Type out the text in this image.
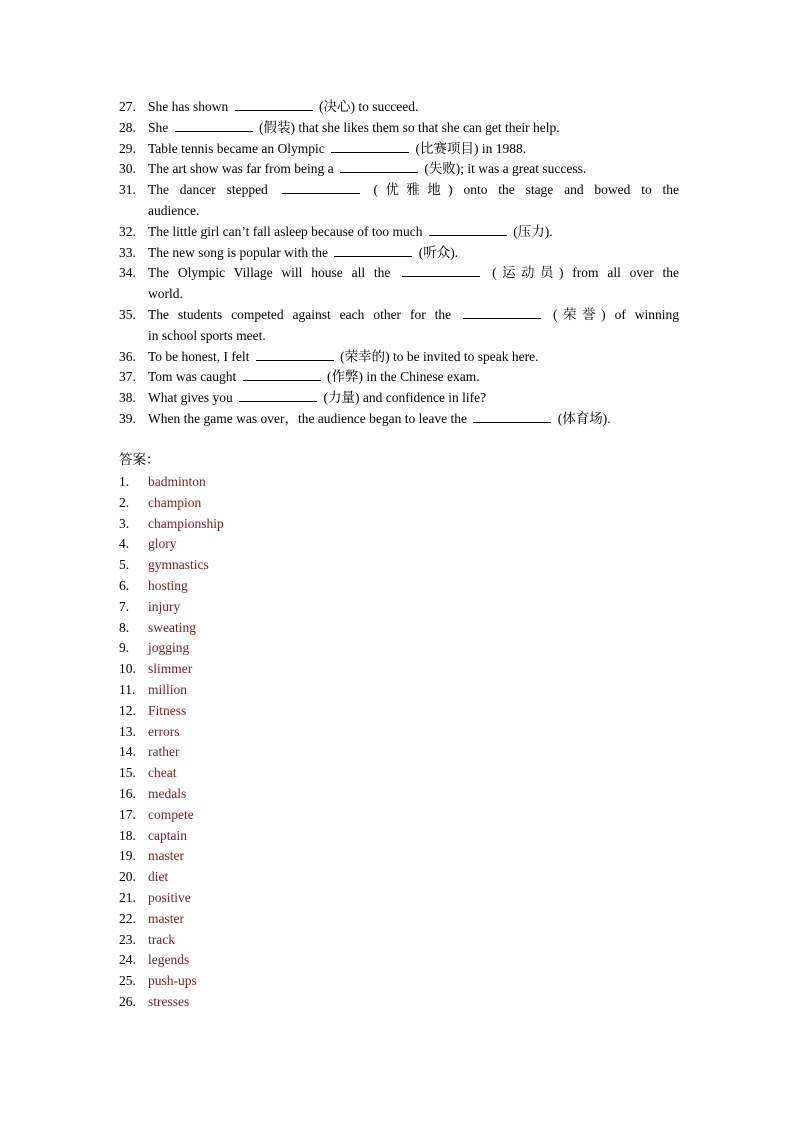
27. She has shown	(决心) to succeed.
28. She	(假装) that she likes them so that she can get their help.
29. Table tennis became an Olympic	(比赛项目) in 1988.
30. The art show was far from being a	(失败); it was a great success.
31. The dancer stepped	(优雅地) onto the stage and bowed to the
audience.
32. The little girl can’t fall asleep because of too much	(压力).
33. The new song is popular with the	(听众).
34. The Olympic Village will house all the	(运动员) from all over the
world.
35. The students competed against each other for the	(荣誉) of winning
in school sports meet.
36. To be honest, I felt	(荣幸的) to be invited to speak here.
37. Tom was caught	(作弊) in the Chinese exam.
38. What gives you	(力量) and confidence in life?
39. When the game was over，the audience began to leave the	(体育场).
答案：
1.	badminton
2.	champion
3.	championship
4.	glory
5.	gymnastics
6.	hosting
7.	injury
8.	sweating
9.	jogging
10. slimmer
11. million
12. Fitness
13. errors
14. rather
15. cheat
16. medals
17. compete
18. captain
19. master
20. diet
21. positive
22. master
23. track
24. legends
25. push-ups
26. stresses
